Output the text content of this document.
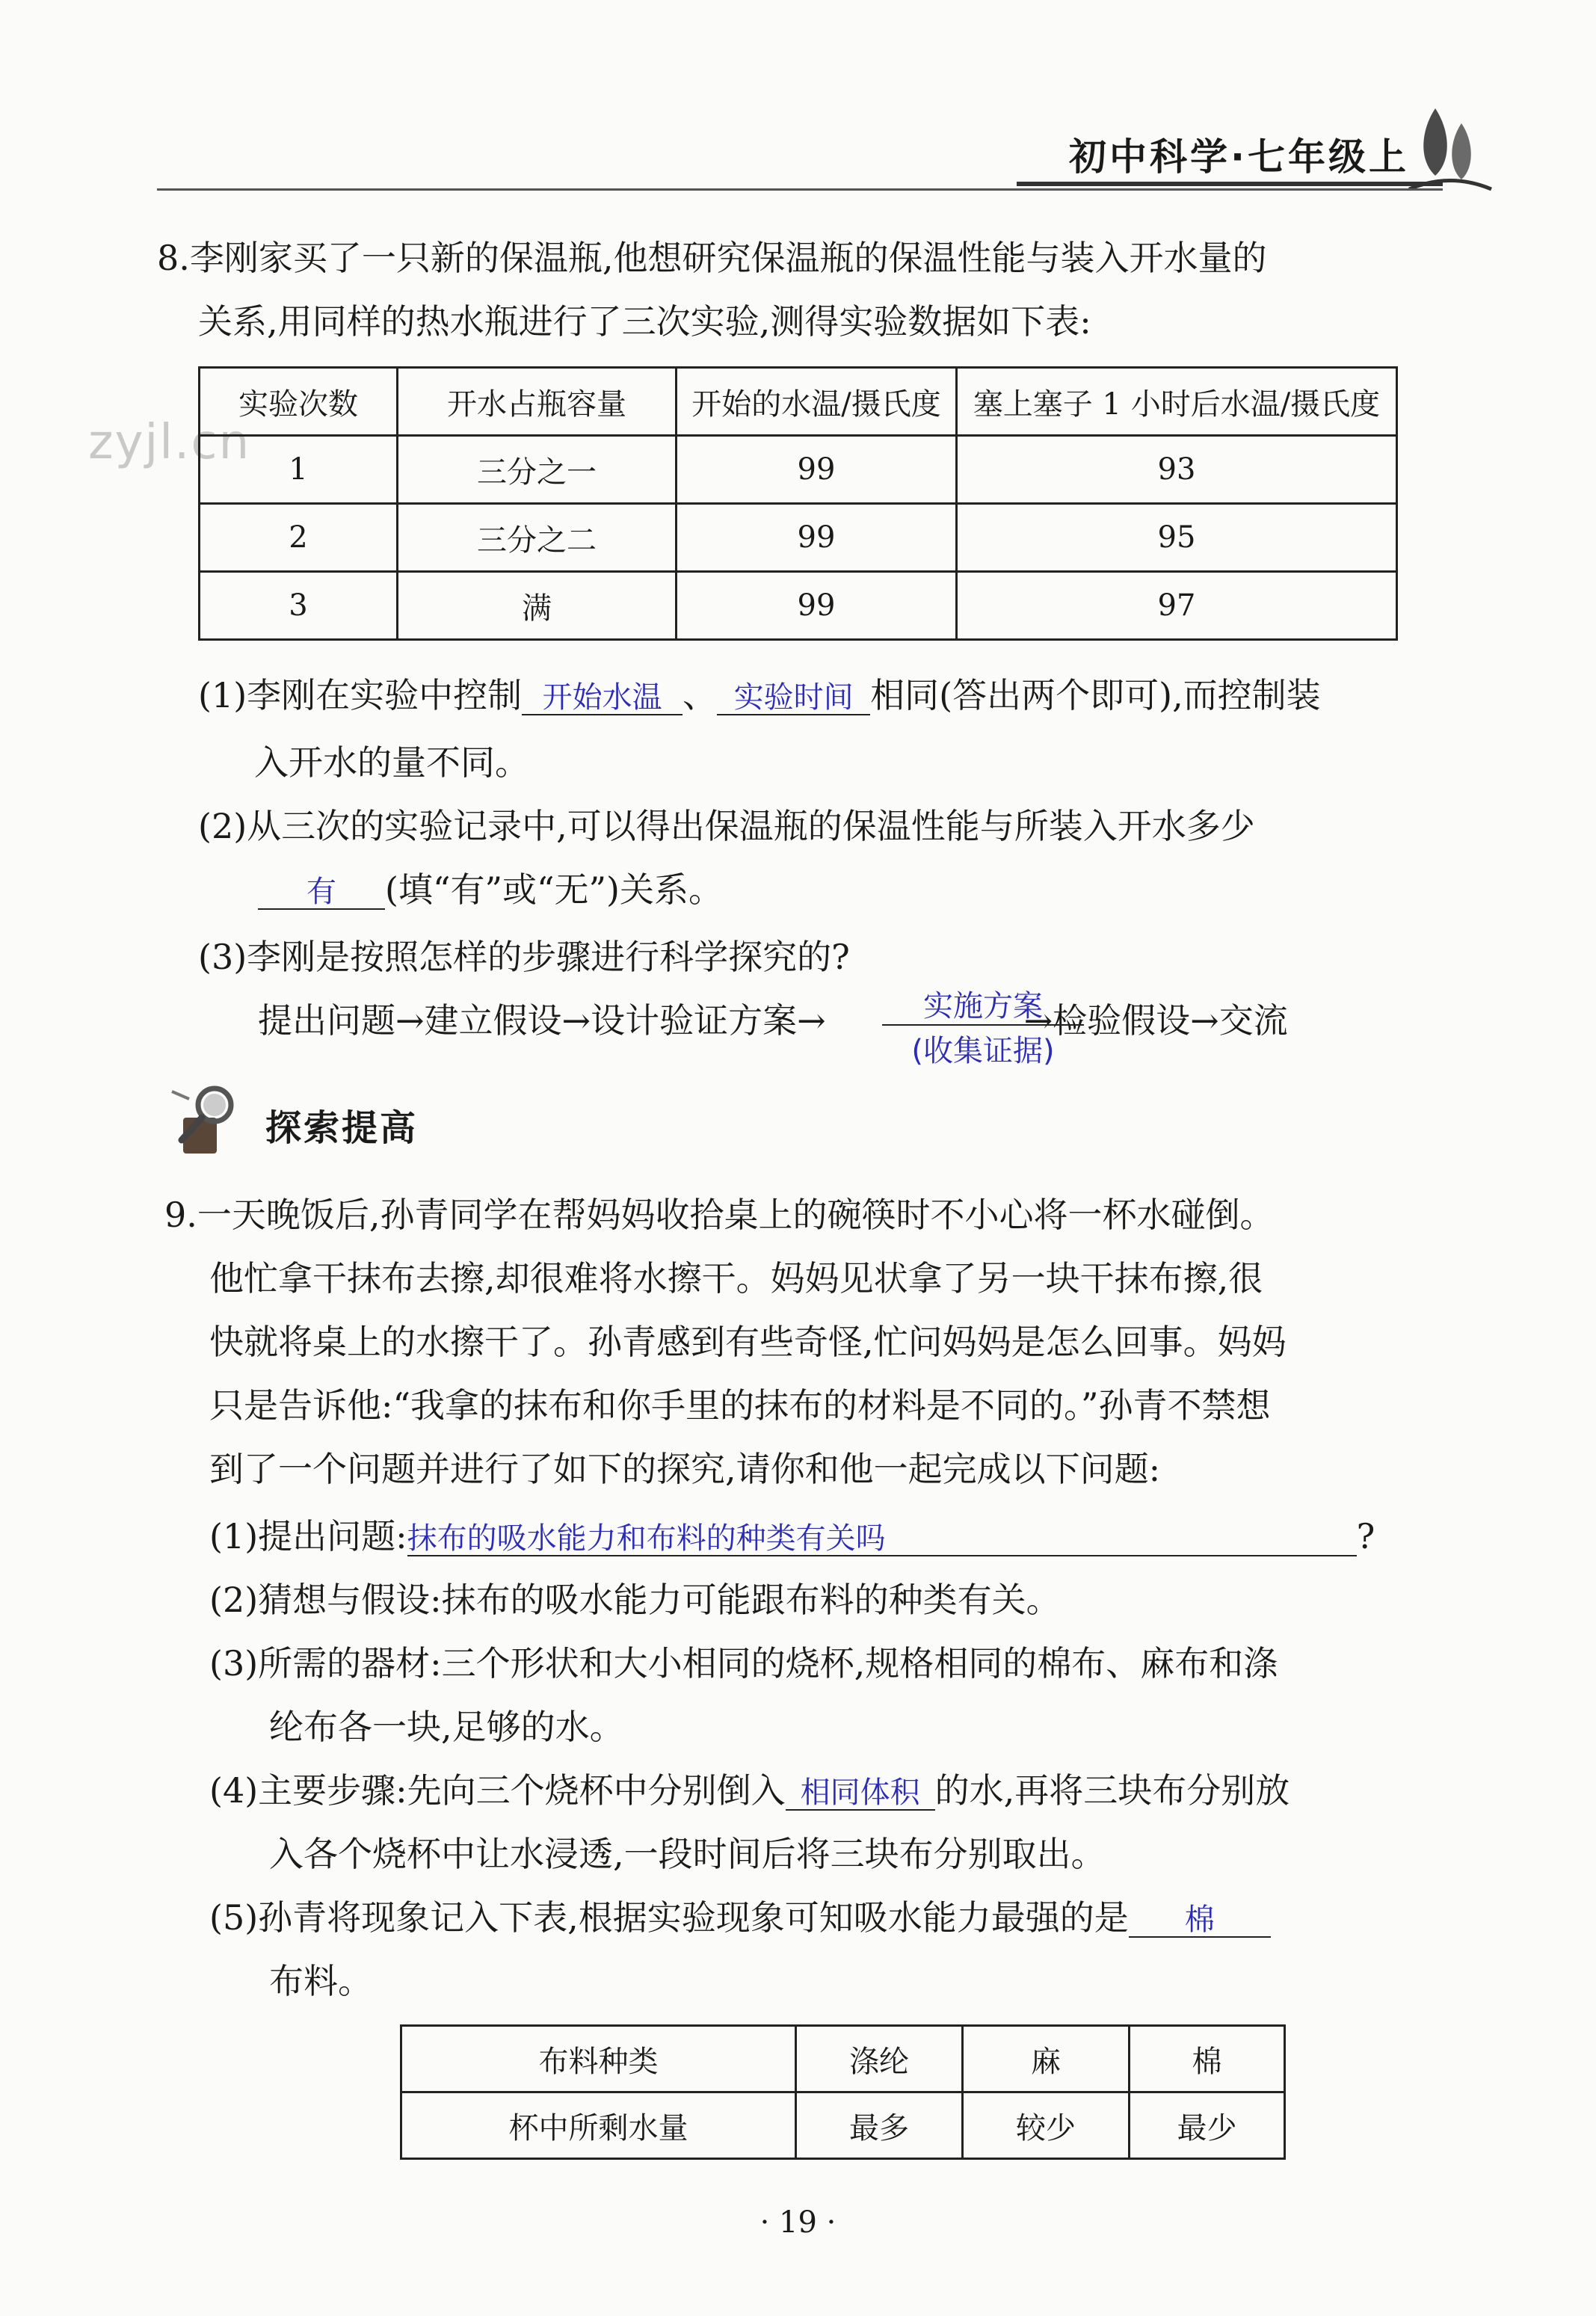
初中科学·七年级上
zyjl.cn
8.李刚家买了一只新的保温瓶,他想研究保温瓶的保温性能与装入开水量的
关系,用同样的热水瓶进行了三次实验,测得实验数据如下表:
实验次数	开水占瓶容量	开始的水温/摄氏度	塞上塞子 1 小时后水温/摄氏度
1	三分之一	99	93
2	三分之二	99	95
3	满	99	97
(1)李刚在实验中控制 开始水温 、 实验时间 相同(答出两个即可),而控制装
入开水的量不同。
(2)从三次的实验记录中,可以得出保温瓶的保温性能与所装入开水多少
有 (填“有”或“无”)关系。
(3)李刚是按照怎样的步骤进行科学探究的?
提出问题→建立假设→设计验证方案→	→检验假设→交流
实施方案
(收集证据)
探索提高
9.一天晚饭后,孙青同学在帮妈妈收拾桌上的碗筷时不小心将一杯水碰倒。
他忙拿干抹布去擦,却很难将水擦干。妈妈见状拿了另一块干抹布擦,很
快就将桌上的水擦干了。孙青感到有些奇怪,忙问妈妈是怎么回事。妈妈
只是告诉他:“我拿的抹布和你手里的抹布的材料是不同的。”孙青不禁想
到了一个问题并进行了如下的探究,请你和他一起完成以下问题:
(1)提出问题:抹布的吸水能力和布料的种类有关吗	?
(2)猜想与假设:抹布的吸水能力可能跟布料的种类有关。
(3)所需的器材:三个形状和大小相同的烧杯,规格相同的棉布、麻布和涤
纶布各一块,足够的水。
(4)主要步骤:先向三个烧杯中分别倒入 相同体积 的水,再将三块布分别放
入各个烧杯中让水浸透,一段时间后将三块布分别取出。
(5)孙青将现象记入下表,根据实验现象可知吸水能力最强的是 棉
布料。
布料种类	涤纶	麻	棉
杯中所剩水量	最多	较少	最少
· 19 ·
